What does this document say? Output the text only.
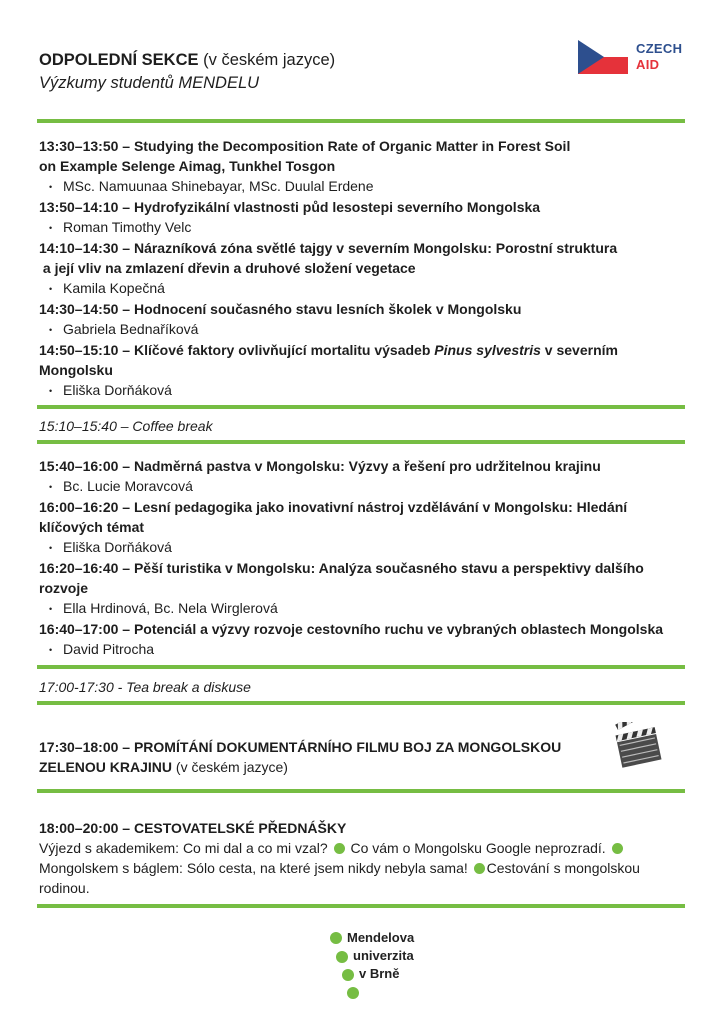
ODPOLEDNÍ SEKCE (v českém jazyce)
Výzkumy studentů MENDELU
CZECH
AID
13:30–13:50 – Studying the Decomposition Rate of Organic Matter in Forest Soil
on Example Selenge Aimag, Tunkhel Tosgon
• MSc. Namuunaa Shinebayar, MSc. Duulal Erdene
13:50–14:10 – Hydrofyzikální vlastnosti půd lesostepi severního Mongolska
• Roman Timothy Velc
14:10–14:30 – Nárazníková zóna světlé tajgy v severním Mongolsku: Porostní struktura
a její vliv na zmlazení dřevin a druhové složení vegetace
• Kamila Kopečná
14:30–14:50 – Hodnocení současného stavu lesních školek v Mongolsku
• Gabriela Bednaříková
14:50–15:10 – Klíčové faktory ovlivňující mortalitu výsadeb Pinus sylvestris v severním
Mongolsku
• Eliška Dorňáková
15:10–15:40 – Coffee break
15:40–16:00 – Nadměrná pastva v Mongolsku: Výzvy a řešení pro udržitelnou krajinu
• Bc. Lucie Moravcová
16:00–16:20 – Lesní pedagogika jako inovativní nástroj vzdělávání v Mongolsku: Hledání
klíčových témat
• Eliška Dorňáková
16:20–16:40 – Pěší turistika v Mongolsku: Analýza současného stavu a perspektivy dalšího
rozvoje
• Ella Hrdinová, Bc. Nela Wirglerová
16:40–17:00 – Potenciál a výzvy rozvoje cestovního ruchu ve vybraných oblastech Mongolska
• David Pitrocha
17:00-17:30 - Tea break a diskuse
17:30–18:00 – PROMÍTÁNÍ DOKUMENTÁRNÍHO FILMU BOJ ZA MONGOLSKOU
ZELENOU KRAJINU (v českém jazyce)
18:00–20:00 – CESTOVATELSKÉ PŘEDNÁŠKY
Výjezd s akademikem: Co mi dal a co mi vzal? Co vám o Mongolsku Google neprozradí.  Mongolskem s báglem: Sólo cesta, na které jsem nikdy nebyla sama! Cestování s mongolskou rodinou.
Mendelova
univerzita
v Brně
